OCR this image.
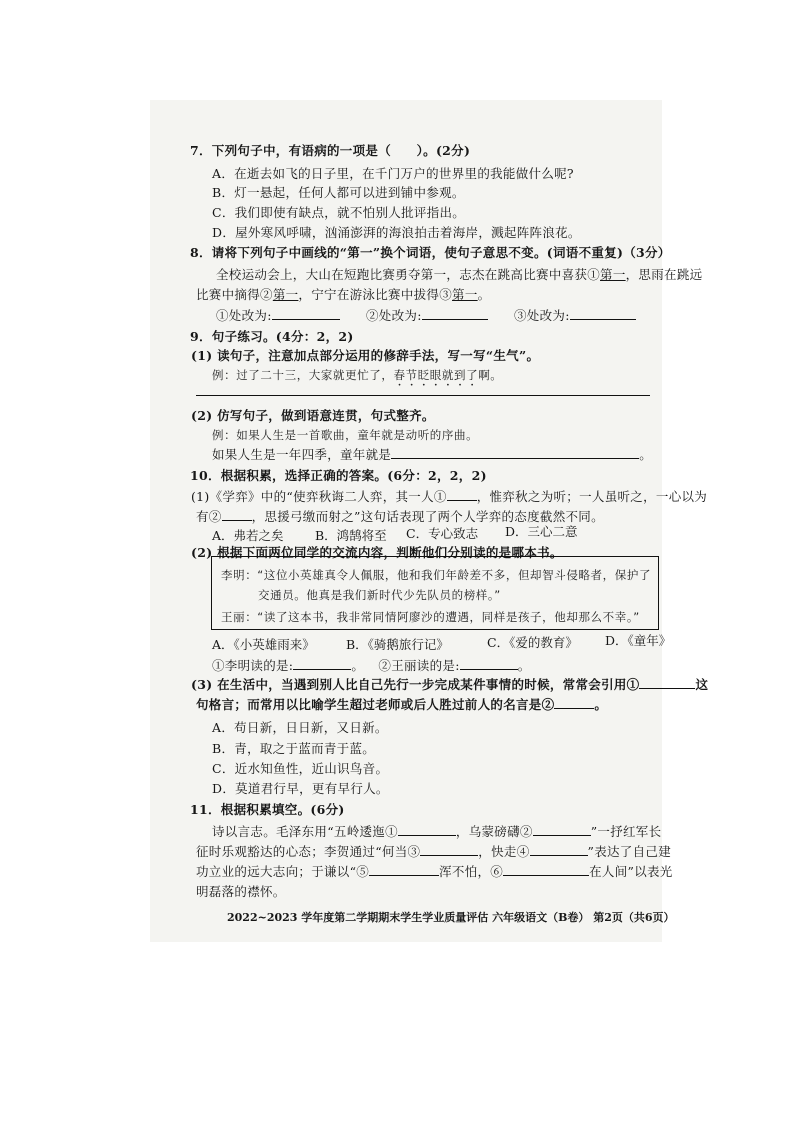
7．下列句子中，有语病的一项是（　　）。(2分)
A．在逝去如飞的日子里，在千门万户的世界里的我能做什么呢?
B．灯一悬起，任何人都可以进到铺中参观。
C．我们即使有缺点，就不怕别人批评指出。
D．屋外寒风呼啸，汹涌澎湃的海浪拍击着海岸，溅起阵阵浪花。
8．请将下列句子中画线的“第一”换个词语，使句子意思不变。(词语不重复)（3分）
全校运动会上，大山在短跑比赛勇夺第一，志杰在跳高比赛中喜获①第一，思雨在跳远
比赛中摘得②第一，宁宁在游泳比赛中拔得③第一。
①处改为:	②处改为:	③处改为:
9．句子练习。(4分：2，2)
(1) 读句子，注意加点部分运用的修辞手法，写一写“生气”。
例：过了二十三，大家就更忙了，春节眨眼就到了啊。
(2) 仿写句子，做到语意连贯，句式整齐。
例：如果人生是一首歌曲，童年就是动听的序曲。
如果人生是一年四季，童年就是	。
10．根据积累，选择正确的答案。(6分：2，2，2)
(1)《学弈》中的“使弈秋诲二人弈，其一人① ，惟弈秋之为听；一人虽听之，一心以为
有② ，思援弓缴而射之”这句话表现了两个人学弈的态度截然不同。
A．弗若之矣	B．鸿鹄将至 C．专心致志 D．三心二意
(2) 根据下面两位同学的交流内容，判断他们分别读的是哪本书。
李明：“这位小英雄真令人佩服，他和我们年龄差不多，但却智斗侵略者，保护了
交通员。他真是我们新时代少先队员的榜样。”
王丽：“读了这本书，我非常同情阿廖沙的遭遇，同样是孩子，他却那么不幸。”
A．《小英雄雨来》 B．《骑鹅旅行记》	C．《爱的教育》 D．《童年》
①李明读的是:	。 ②王丽读的是:	。
(3) 在生活中，当遇到别人比自己先行一步完成某件事情的时候，常常会引用①	这
句格言；而常用以比喻学生超过老师或后人胜过前人的名言是②	。
A．苟日新，日日新，又日新。
B．青，取之于蓝而青于蓝。
C．近水知鱼性，近山识鸟音。
D．莫道君行早，更有早行人。
11．根据积累填空。(6分)
诗以言志。毛泽东用“五岭逶迤①	，乌蒙磅礴②	”一抒红军长
征时乐观豁达的心态；李贺通过“何当③	，快走④	”表达了自己建
功立业的远大志向；于谦以“⑤	浑不怕，⑥	在人间”以表光
明磊落的襟怀。
2022~2023 学年度第二学期期末学生学业质量评估 六年级语文（B卷） 第2页（共6页）
